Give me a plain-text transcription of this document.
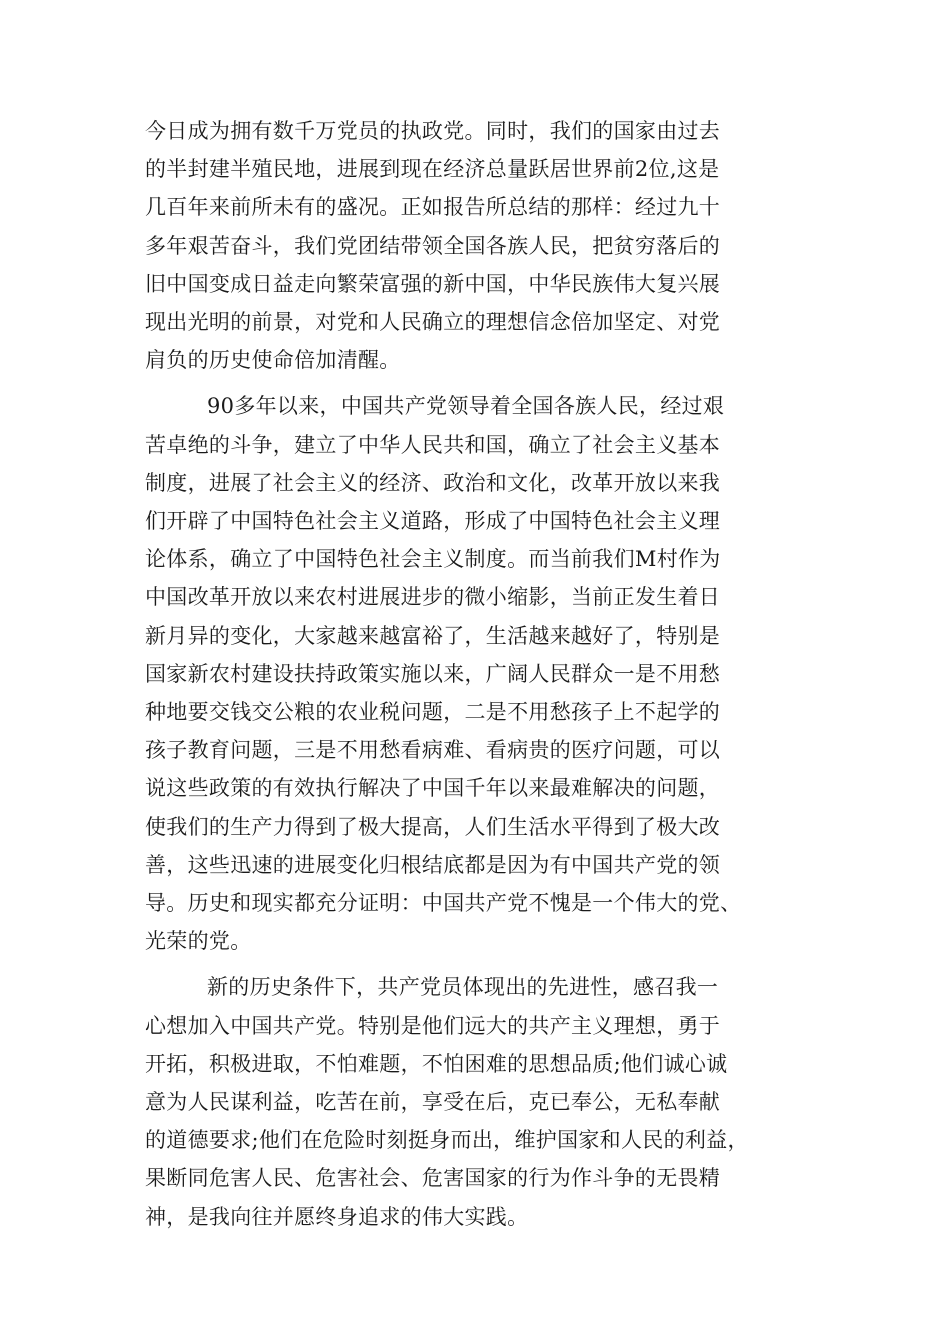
今日成为拥有数千万党员的执政党。同时，我们的国家由过去
的半封建半殖民地，进展到现在经济总量跃居世界前2位,这是
几百年来前所未有的盛况。正如报告所总结的那样：经过九十
多年艰苦奋斗，我们党团结带领全国各族人民，把贫穷落后的
旧中国变成日益走向繁荣富强的新中国，中华民族伟大复兴展
现出光明的前景，对党和人民确立的理想信念倍加坚定、对党
肩负的历史使命倍加清醒。

90多年以来，中国共产党领导着全国各族人民，经过艰
苦卓绝的斗争，建立了中华人民共和国，确立了社会主义基本
制度，进展了社会主义的经济、政治和文化，改革开放以来我
们开辟了中国特色社会主义道路，形成了中国特色社会主义理
论体系，确立了中国特色社会主义制度。而当前我们M村作为
中国改革开放以来农村进展进步的微小缩影，当前正发生着日
新月异的变化，大家越来越富裕了，生活越来越好了，特别是
国家新农村建设扶持政策实施以来，广阔人民群众一是不用愁
种地要交钱交公粮的农业税问题，二是不用愁孩子上不起学的
孩子教育问题，三是不用愁看病难、看病贵的医疗问题，可以
说这些政策的有效执行解决了中国千年以来最难解决的问题，
使我们的生产力得到了极大提高，人们生活水平得到了极大改
善，这些迅速的进展变化归根结底都是因为有中国共产党的领
导。历史和现实都充分证明：中国共产党不愧是一个伟大的党、
光荣的党。

新的历史条件下，共产党员体现出的先进性，感召我一
心想加入中国共产党。特别是他们远大的共产主义理想，勇于
开拓，积极进取，不怕难题，不怕困难的思想品质;他们诚心诚
意为人民谋利益，吃苦在前，享受在后，克已奉公，无私奉献
的道德要求;他们在危险时刻挺身而出，维护国家和人民的利益，
果断同危害人民、危害社会、危害国家的行为作斗争的无畏精
神，是我向往并愿终身追求的伟大实践。
